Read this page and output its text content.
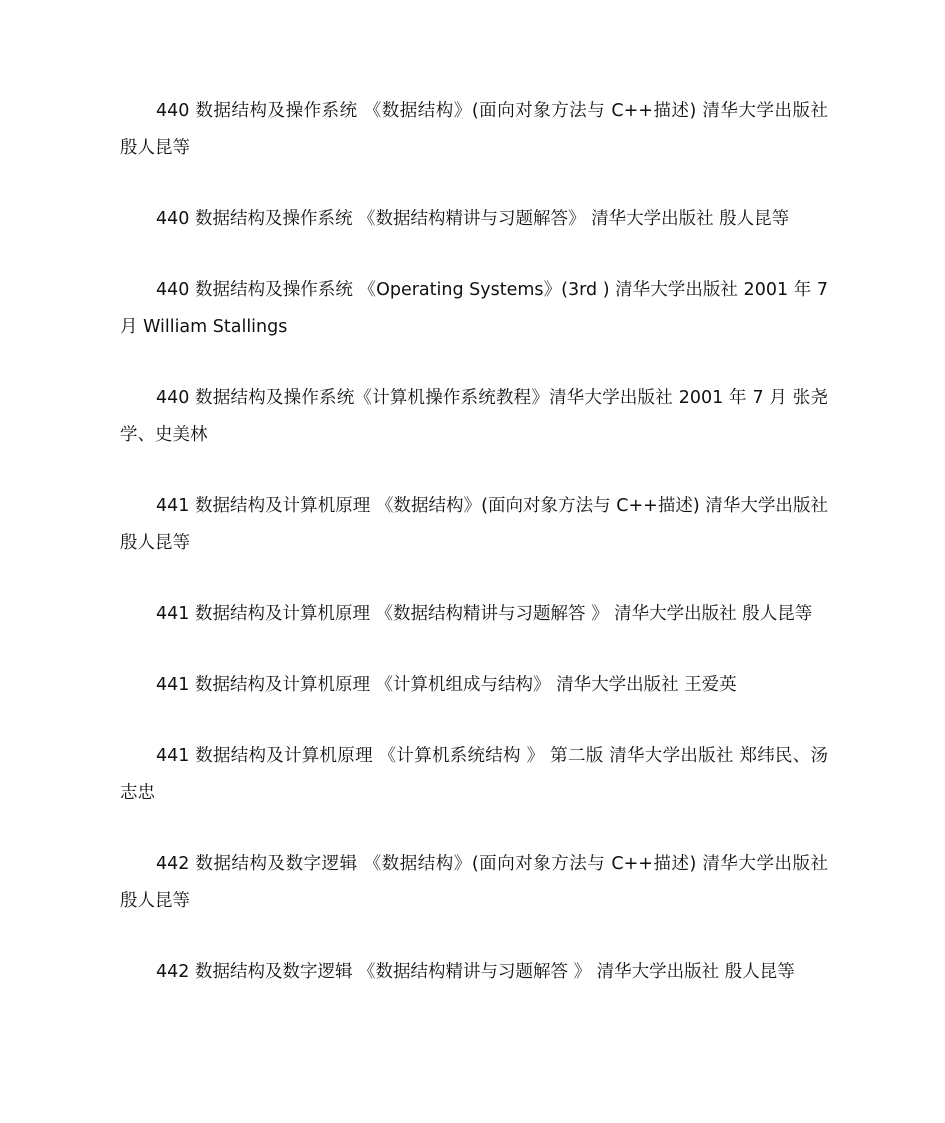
440 数据结构及操作系统 《数据结构》(面向对象方法与 C++描述) 清华大学出版社 殷人昆等

440 数据结构及操作系统 《数据结构精讲与习题解答》 清华大学出版社 殷人昆等

440 数据结构及操作系统 《Operating Systems》(3rd ) 清华大学出版社 2001 年 7 月 William Stallings

440 数据结构及操作系统《计算机操作系统教程》清华大学出版社 2001 年 7 月 张尧学、史美林

441 数据结构及计算机原理 《数据结构》(面向对象方法与 C++描述) 清华大学出版社 殷人昆等

441 数据结构及计算机原理 《数据结构精讲与习题解答 》 清华大学出版社 殷人昆等

441 数据结构及计算机原理 《计算机组成与结构》 清华大学出版社 王爱英

441 数据结构及计算机原理 《计算机系统结构 》 第二版 清华大学出版社 郑纬民、汤志忠

442 数据结构及数字逻辑 《数据结构》(面向对象方法与 C++描述) 清华大学出版社 殷人昆等

442 数据结构及数字逻辑 《数据结构精讲与习题解答 》 清华大学出版社 殷人昆等
